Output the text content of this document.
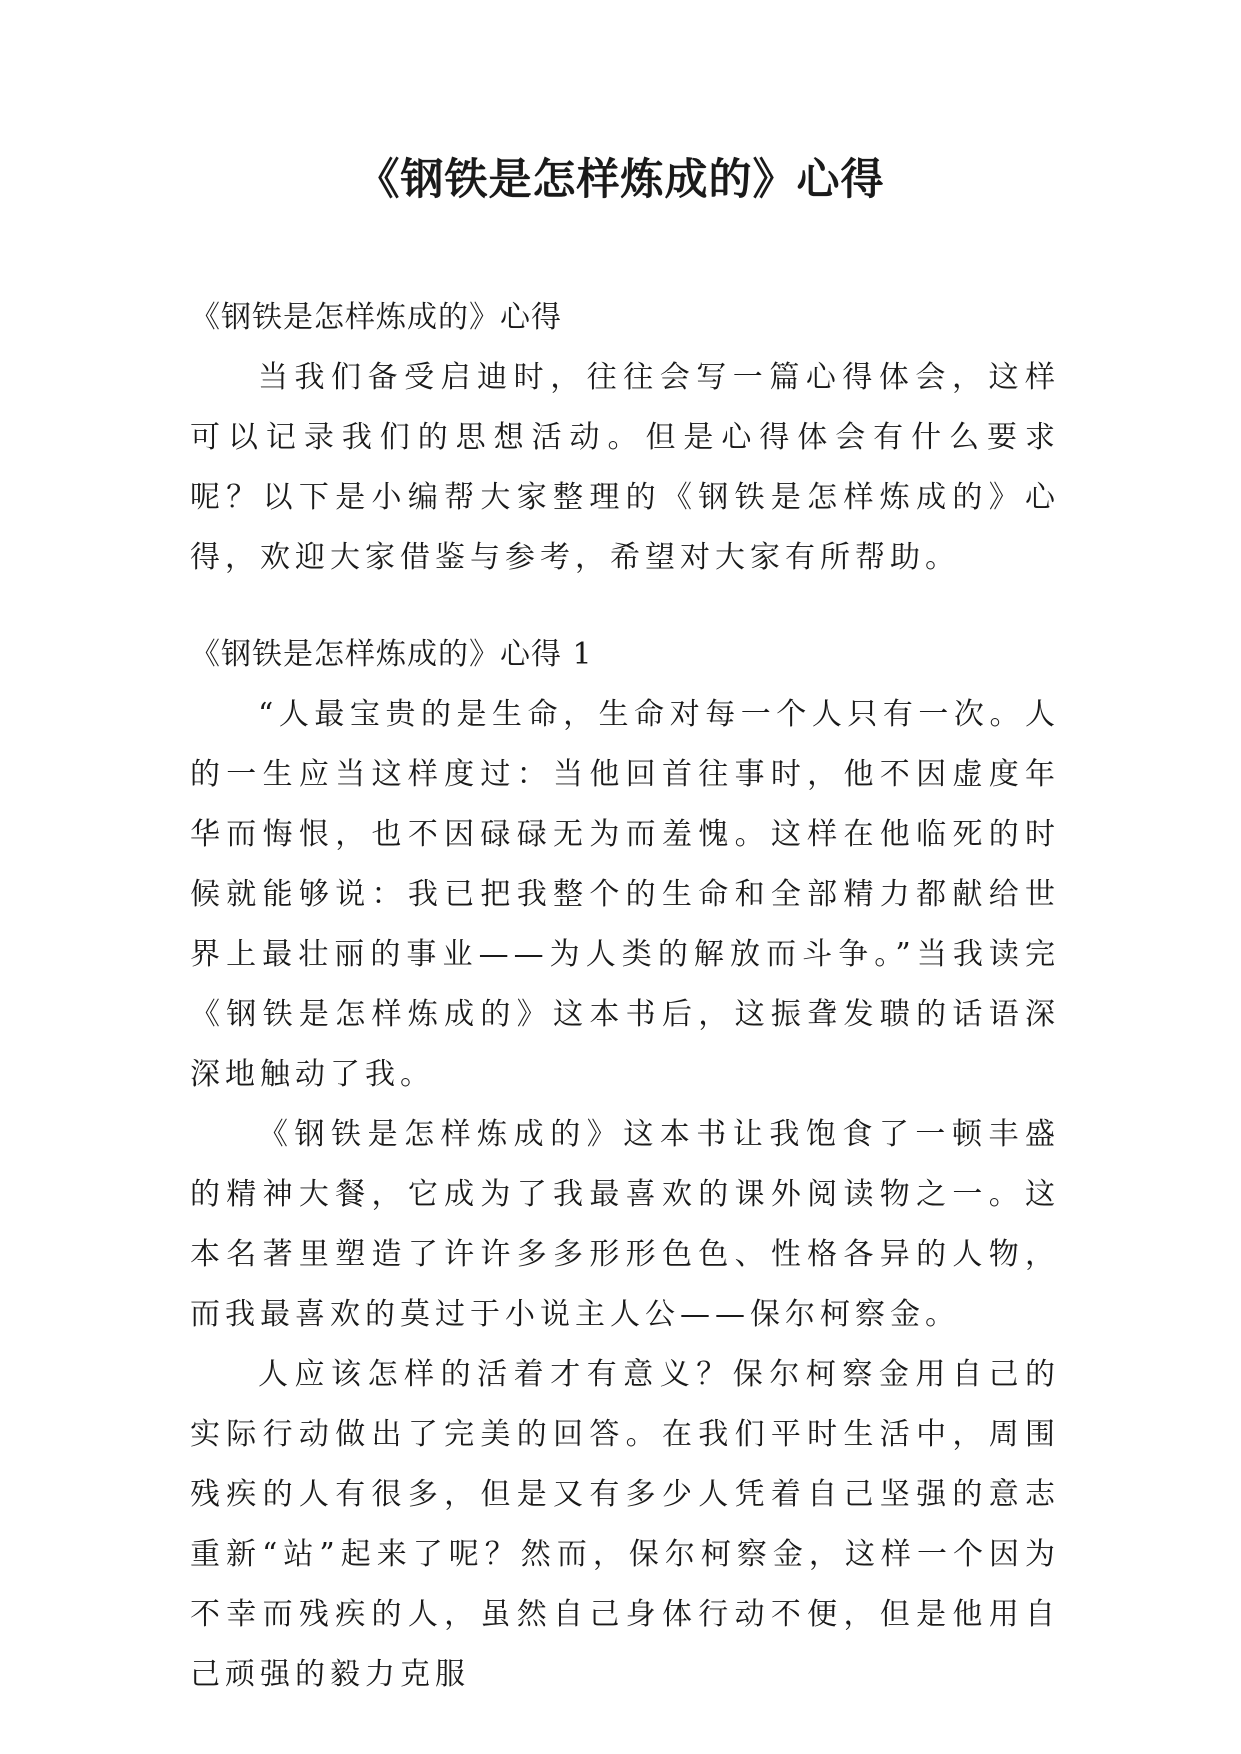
《钢铁是怎样炼成的》心得

《钢铁是怎样炼成的》心得

当我们备受启迪时，往往会写一篇心得体会，这样可以记录我们的思想活动。但是心得体会有什么要求呢？以下是小编帮大家整理的《钢铁是怎样炼成的》心得，欢迎大家借鉴与参考，希望对大家有所帮助。

《钢铁是怎样炼成的》心得 1

“人最宝贵的是生命，生命对每一个人只有一次。人的一生应当这样度过：当他回首往事时，他不因虚度年华而悔恨，也不因碌碌无为而羞愧。这样在他临死的时候就能够说：我已把我整个的生命和全部精力都献给世界上最壮丽的事业——为人类的解放而斗争。”当我读完《钢铁是怎样炼成的》这本书后，这振聋发聩的话语深深地触动了我。

《钢铁是怎样炼成的》这本书让我饱食了一顿丰盛的精神大餐，它成为了我最喜欢的课外阅读物之一。这本名著里塑造了许许多多形形色色、性格各异的人物，而我最喜欢的莫过于小说主人公——保尔柯察金。

人应该怎样的活着才有意义？保尔柯察金用自己的实际行动做出了完美的回答。在我们平时生活中，周围残疾的人有很多，但是又有多少人凭着自己坚强的意志重新“站”起来了呢？然而，保尔柯察金，这样一个因为不幸而残疾的人，虽然自己身体行动不便，但是他用自己顽强的毅力克服
